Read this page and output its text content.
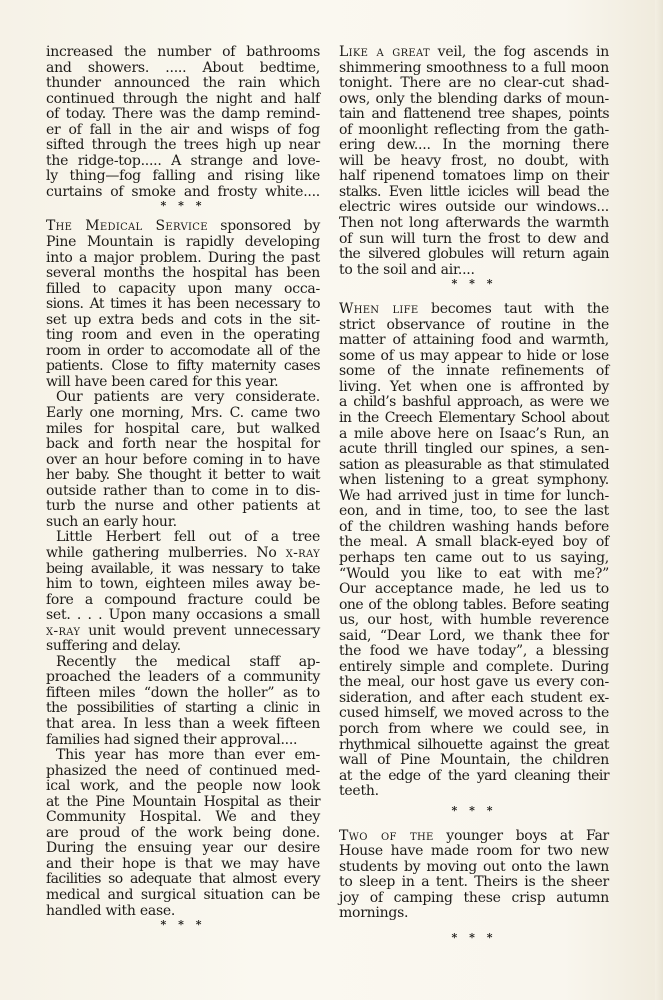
increased the number of bathrooms
and showers. ..... About bedtime,
thunder announced the rain which
continued through the night and half
of today. There was the damp remind-
er of fall in the air and wisps of fog
sifted through the trees high up near
the ridge-top..... A strange and love-
ly thing—fog falling and rising like
curtains of smoke and frosty white....
* * *
The Medical Service sponsored by
Pine Mountain is rapidly developing
into a major problem. During the past
several months the hospital has been
filled to capacity upon many occa-
sions. At times it has been necessary to
set up extra beds and cots in the sit-
ting room and even in the operating
room in order to accomodate all of the
patients. Close to fifty maternity cases
will have been cared for this year.
Our patients are very considerate.
Early one morning, Mrs. C. came two
miles for hospital care, but walked
back and forth near the hospital for
over an hour before coming in to have
her baby. She thought it better to wait
outside rather than to come in to dis-
turb the nurse and other patients at
such an early hour.
Little Herbert fell out of a tree
while gathering mulberries. No x-ray
being available, it was nessary to take
him to town, eighteen miles away be-
fore a compound fracture could be
set. . . . Upon many occasions a small
x-ray unit would prevent unnecessary
suffering and delay.
Recently the medical staff ap-
proached the leaders of a community
fifteen miles “down the holler” as to
the possibilities of starting a clinic in
that area. In less than a week fifteen
families had signed their approval....
This year has more than ever em-
phasized the need of continued med-
ical work, and the people now look
at the Pine Mountain Hospital as their
Community Hospital. We and they
are proud of the work being done.
During the ensuing year our desire
and their hope is that we may have
facilities so adequate that almost every
medical and surgical situation can be
handled with ease.
* * *
Like a great veil, the fog ascends in
shimmering smoothness to a full moon
tonight. There are no clear-cut shad-
ows, only the blending darks of moun-
tain and flattenend tree shapes, points
of moonlight reflecting from the gath-
ering dew.... In the morning there
will be heavy frost, no doubt, with
half ripenend tomatoes limp on their
stalks. Even little icicles will bead the
electric wires outside our windows...
Then not long afterwards the warmth
of sun will turn the frost to dew and
the silvered globules will return again
to the soil and air....
* * *
When life becomes taut with the
strict observance of routine in the
matter of attaining food and warmth,
some of us may appear to hide or lose
some of the innate refinements of
living. Yet when one is affronted by
a child’s bashful approach, as were we
in the Creech Elementary School about
a mile above here on Isaac’s Run, an
acute thrill tingled our spines, a sen-
sation as pleasurable as that stimulated
when listening to a great symphony.
We had arrived just in time for lunch-
eon, and in time, too, to see the last
of the children washing hands before
the meal. A small black-eyed boy of
perhaps ten came out to us saying,
“Would you like to eat with me?”
Our acceptance made, he led us to
one of the oblong tables. Before seating
us, our host, with humble reverence
said, “Dear Lord, we thank thee for
the food we have today”, a blessing
entirely simple and complete. During
the meal, our host gave us every con-
sideration, and after each student ex-
cused himself, we moved across to the
porch from where we could see, in
rhythmical silhouette against the great
wall of Pine Mountain, the children
at the edge of the yard cleaning their
teeth.
* * *
Two of the younger boys at Far
House have made room for two new
students by moving out onto the lawn
to sleep in a tent. Theirs is the sheer
joy of camping these crisp autumn
mornings.
* * *
